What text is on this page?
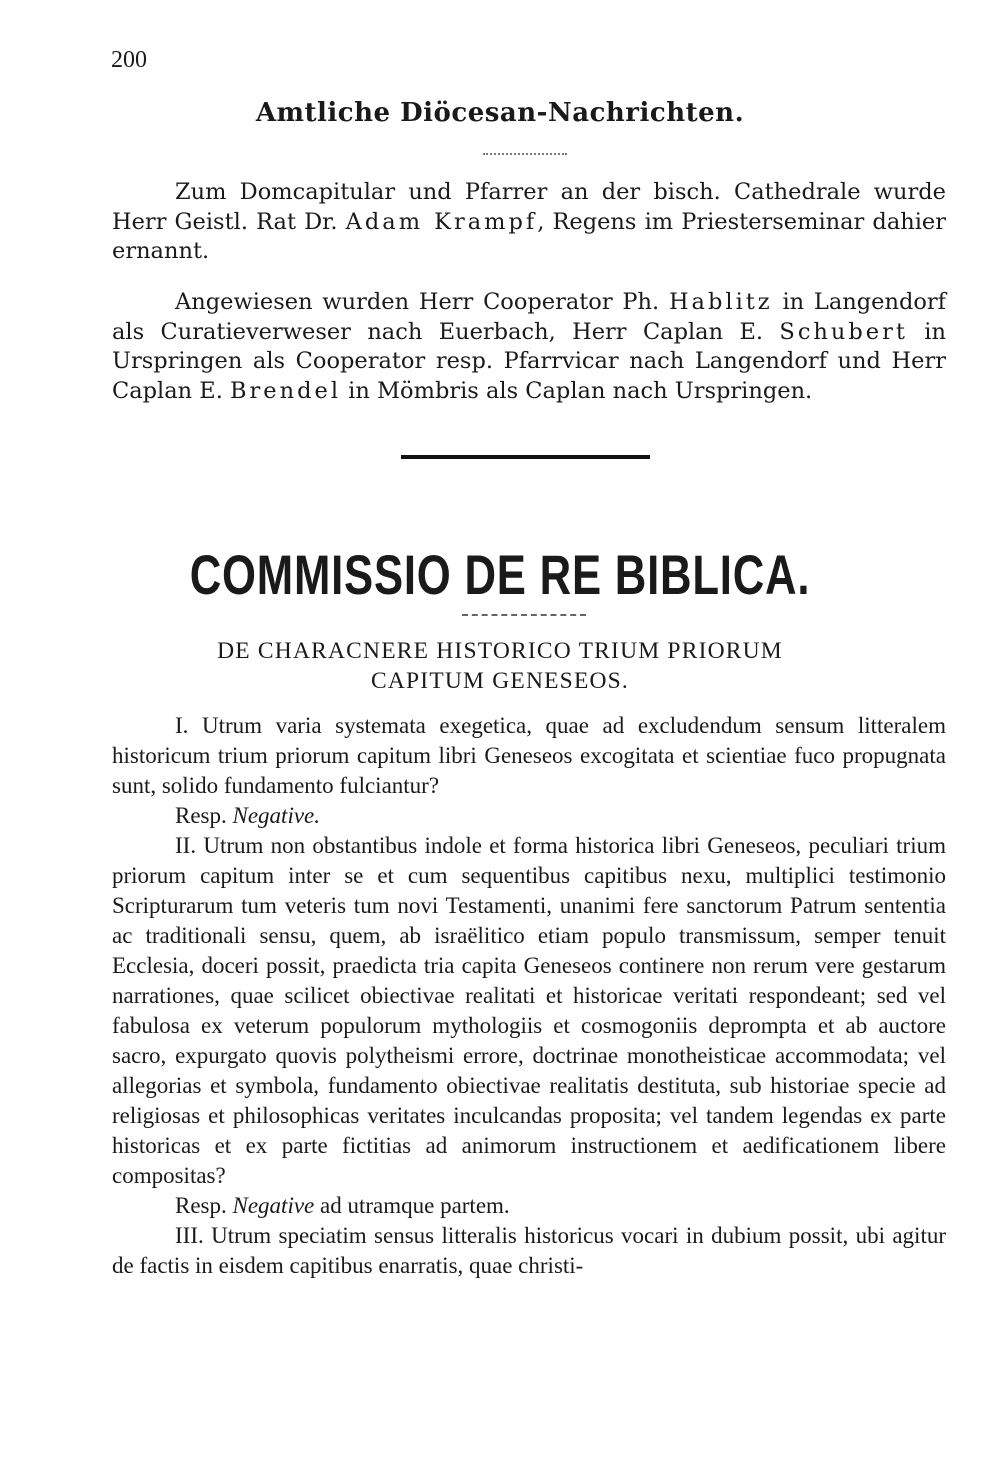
200
Amtliche Diöcesan-Nachrichten.

Zum Domcapitular und Pfarrer an der bisch. Cathedrale wurde Herr Geistl. Rat Dr. Adam Krampf, Regens im Priesterseminar dahier ernannt.

Angewiesen wurden Herr Cooperator Ph. Hablitz in Langendorf als Curatieverweser nach Euerbach, Herr Caplan E. Schubert in Urspringen als Cooperator resp. Pfarrvicar nach Langendorf und Herr Caplan E. Brendel in Mömbris als Caplan nach Urspringen.

COMMISSIO DE RE BIBLICA.
DE CHARACNERE HISTORICO TRIUM PRIORUM
CAPITUM GENESEOS.

I. Utrum varia systemata exegetica, quae ad excludendum sensum litteralem historicum trium priorum capitum libri Geneseos excogitata et scientiae fuco propugnata sunt, solido fundamento fulciantur?

Resp. Negative.

II. Utrum non obstantibus indole et forma historica libri Geneseos, peculiari trium priorum capitum inter se et cum sequentibus capitibus nexu, multiplici testimonio Scripturarum tum veteris tum novi Testamenti, unanimi fere sanctorum Patrum sententia ac traditionali sensu, quem, ab israëlitico etiam populo transmissum, semper tenuit Ecclesia, doceri possit, praedicta tria capita Geneseos continere non rerum vere gestarum narrationes, quae scilicet obiectivae realitati et historicae veritati respondeant; sed vel fabulosa ex veterum populorum mythologiis et cosmogoniis deprompta et ab auctore sacro, expurgato quovis polytheismi errore, doctrinae monotheisticae accommodata; vel allegorias et symbola, fundamento obiectivae realitatis destituta, sub historiae specie ad religiosas et philosophicas veritates inculcandas proposita; vel tandem legendas ex parte historicas et ex parte fictitias ad animorum instructionem et aedificationem libere compositas?

Resp. Negative ad utramque partem.

III. Utrum speciatim sensus litteralis historicus vocari in dubium possit, ubi agitur de factis in eisdem capitibus enarratis, quae christi-
